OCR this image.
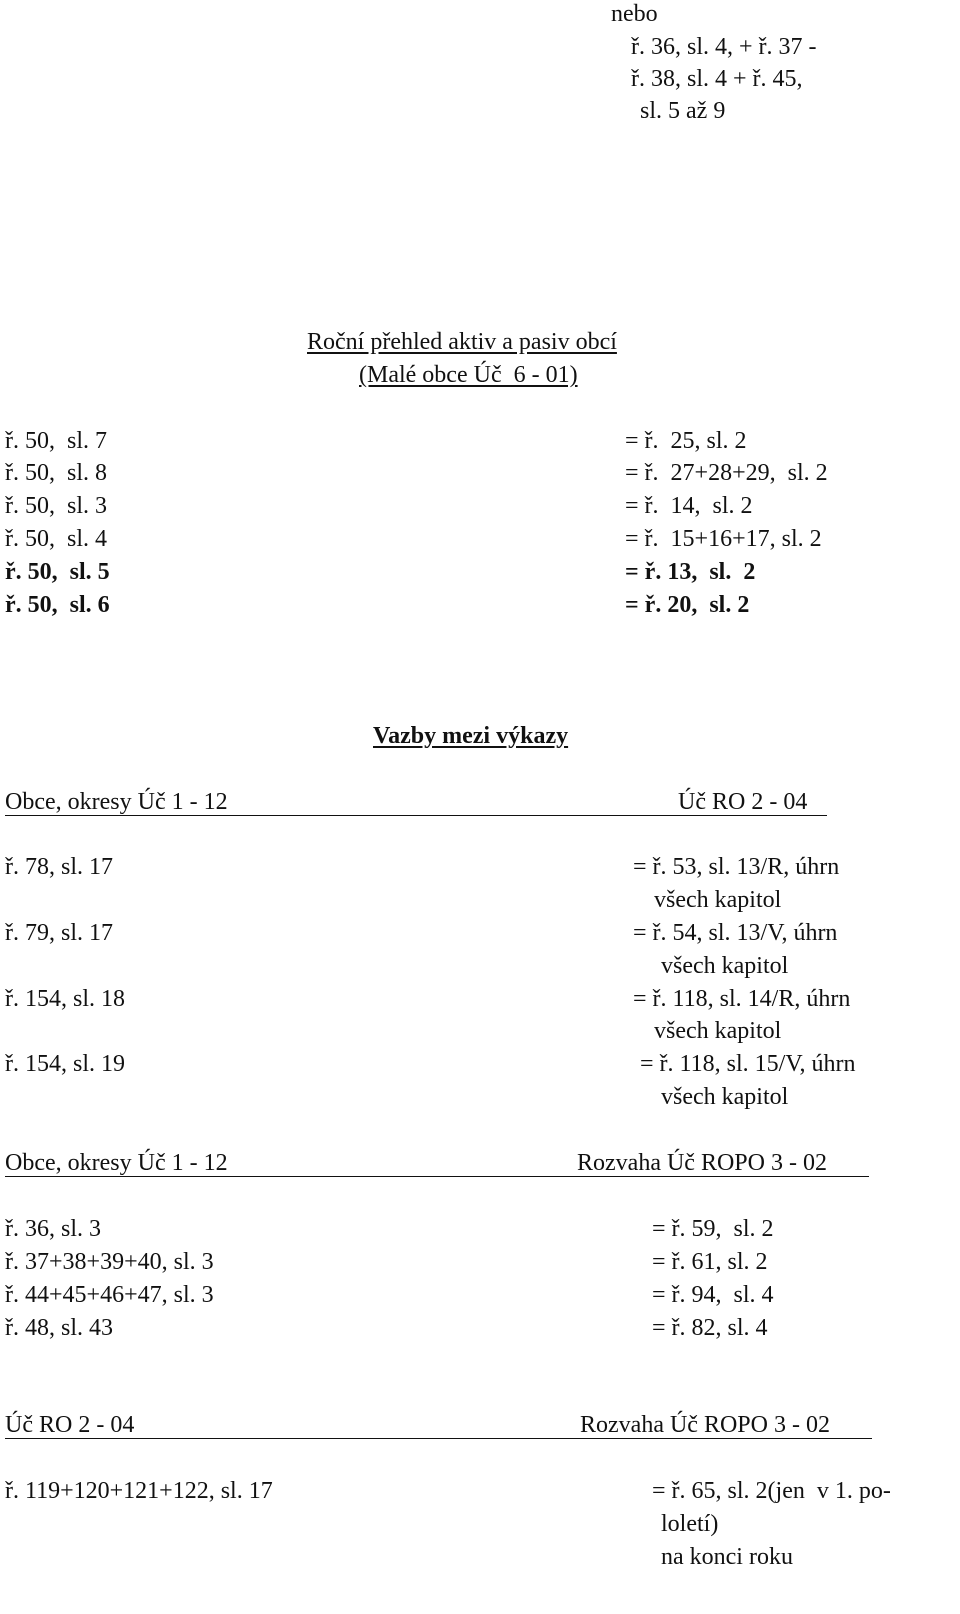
nebo
ř. 36, sl. 4, + ř. 37 -
ř. 38, sl. 4 + ř. 45,
sl. 5 až 9
Roční přehled aktiv a pasiv obcí
(Malé obce Úč  6 - 01)
ř. 50,  sl. 7	= ř.  25, sl. 2
ř. 50,  sl. 8	= ř.  27+28+29,  sl. 2
ř. 50,  sl. 3	= ř.  14,  sl. 2
ř. 50,  sl. 4	= ř.  15+16+17, sl. 2
ř. 50,  sl. 5	= ř. 13,  sl.  2
ř. 50,  sl. 6	= ř. 20,  sl. 2
Vazby mezi výkazy
Obce, okresy Úč 1 - 12	Úč RO 2 - 04
ř. 78, sl. 17	= ř. 53, sl. 13/R, úhrn
všech kapitol
ř. 79, sl. 17	= ř. 54, sl. 13/V, úhrn
všech kapitol
ř. 154, sl. 18	= ř. 118, sl. 14/R, úhrn
všech kapitol
ř. 154, sl. 19	= ř. 118, sl. 15/V, úhrn
všech kapitol
Obce, okresy Úč 1 - 12	Rozvaha Úč ROPO 3 - 02
ř. 36, sl. 3	= ř. 59,  sl. 2
ř. 37+38+39+40, sl. 3	= ř. 61, sl. 2
ř. 44+45+46+47, sl. 3	= ř. 94,  sl. 4
ř. 48, sl. 43	= ř. 82, sl. 4
Úč RO 2 - 04	Rozvaha Úč ROPO 3 - 02
ř. 119+120+121+122, sl. 17	= ř. 65, sl. 2(jen  v 1. po-
loletí)
na konci roku
